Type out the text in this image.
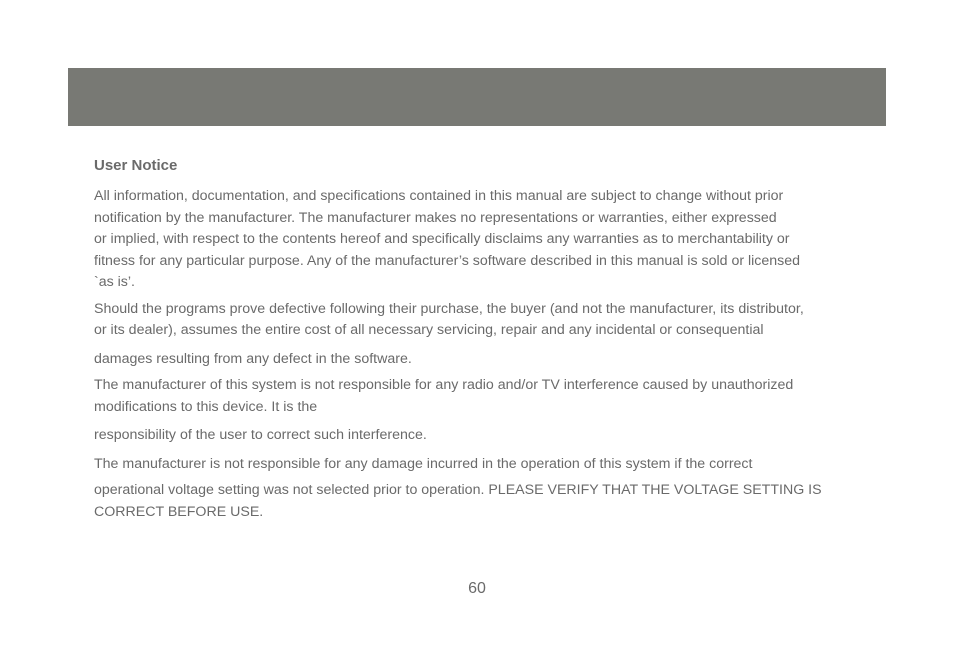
User Notice

All information, documentation, and specifications contained in this manual are subject to change without prior
notification by the manufacturer. The manufacturer makes no representations or warranties, either expressed
or implied, with respect to the contents hereof and specifically disclaims any warranties as to merchantability or
fitness for any particular purpose. Any of the manufacturer’s software described in this manual is sold or licensed
`as is’.

Should the programs prove defective following their purchase, the buyer (and not the manufacturer, its distributor,
or its dealer), assumes the entire cost of all necessary servicing, repair and any incidental or consequential

damages resulting from any defect in the software.

The manufacturer of this system is not responsible for any radio and/or TV interference caused by unauthorized
modifications to this device. It is the

responsibility of the user to correct such interference.

The manufacturer is not responsible for any damage incurred in the operation of this system if the correct

operational voltage setting was not selected prior to operation. PLEASE VERIFY THAT THE VOLTAGE SETTING IS
CORRECT BEFORE USE.

60
